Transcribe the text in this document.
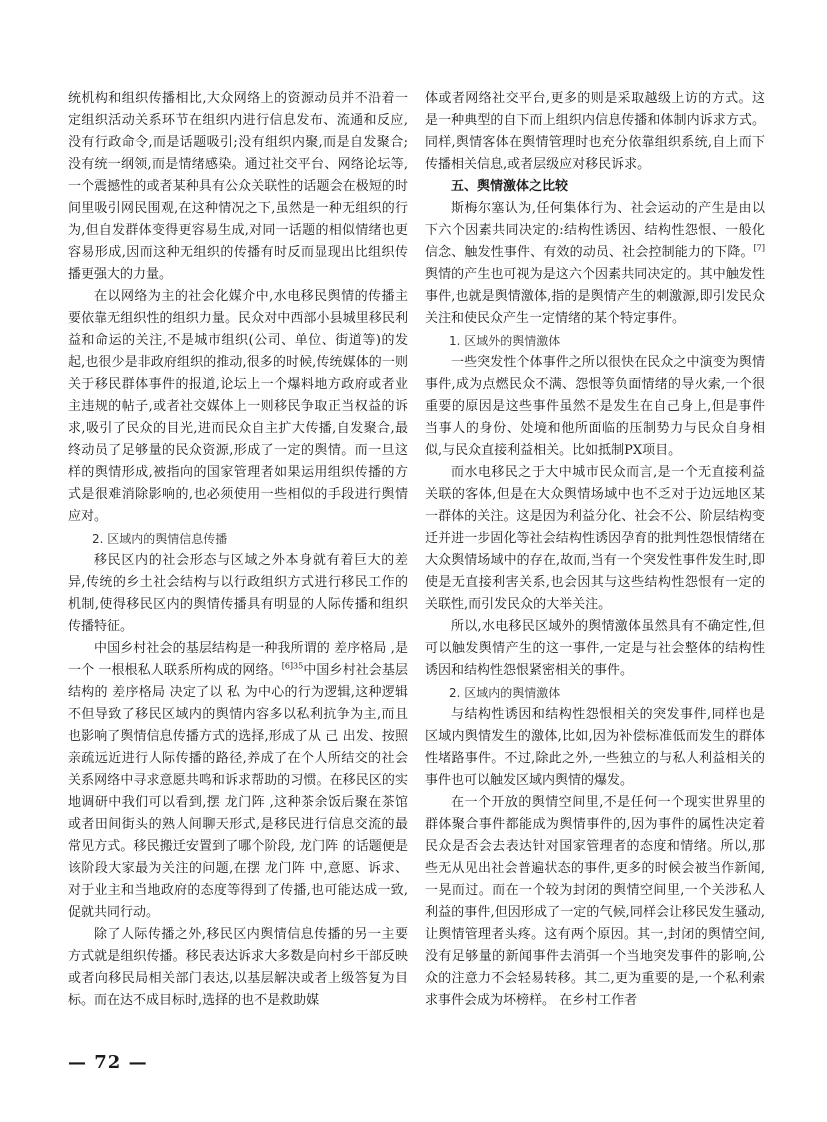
统机构和组织传播相比,大众网络上的资源动员并不沿着一定组织活动关系环节在组织内进行信息发布、流通和反应,没有行政命令,而是话题吸引;没有组织内聚,而是自发聚合;没有统一纲领,而是情绪感染。通过社交平台、网络论坛等,一个震撼性的或者某种具有公众关联性的话题会在极短的时间里吸引网民围观,在这种情况之下,虽然是一种无组织的行为,但自发群体变得更容易生成,对同一话题的相似情绪也更容易形成,因而这种无组织的传播有时反而显现出比组织传播更强大的力量。

在以网络为主的社会化媒介中,水电移民舆情的传播主要依靠无组织性的组织力量。民众对中西部小县城里移民利益和命运的关注,不是城市组织(公司、单位、街道等)的发起,也很少是非政府组织的推动,很多的时候,传统媒体的一则关于移民群体事件的报道,论坛上一个爆料地方政府或者业主违规的帖子,或者社交媒体上一则移民争取正当权益的诉求,吸引了民众的目光,进而民众自主扩大传播,自发聚合,最终动员了足够量的民众资源,形成了一定的舆情。而一旦这样的舆情形成,被指向的国家管理者如果运用组织传播的方式是很难消除影响的,也必须使用一些相似的手段进行舆情应对。

2. 区域内的舆情信息传播

移民区内的社会形态与区域之外本身就有着巨大的差异,传统的乡土社会结构与以行政组织方式进行移民工作的机制,使得移民区内的舆情传播具有明显的人际传播和组织传播特征。

中国乡村社会的基层结构是一种我所谓的 差序格局 ,是一个 一根根私人联系所构成的网络。$^{[6]35}$中国乡村社会基层结构的 差序格局 决定了以 私 为中心的行为逻辑,这种逻辑不但导致了移民区域内的舆情内容多以私利抗争为主,而且也影响了舆情信息传播方式的选择,形成了从 己 出发、按照亲疏远近进行人际传播的路径,养成了在个人所结交的社会关系网络中寻求意愿共鸣和诉求帮助的习惯。在移民区的实地调研中我们可以看到,摆 龙门阵 ,这种茶余饭后聚在茶馆或者田间街头的熟人间聊天形式,是移民进行信息交流的最常见方式。移民搬迁安置到了哪个阶段, 龙门阵 的话题便是该阶段大家最为关注的问题,在摆 龙门阵 中,意愿、诉求、对于业主和当地政府的态度等得到了传播,也可能达成一致,促就共同行动。

除了人际传播之外,移民区内舆情信息传播的另一主要方式就是组织传播。移民表达诉求大多数是向村乡干部反映或者向移民局相关部门表达,以基层解决或者上级答复为目标。而在达不成目标时,选择的也不是救助媒

体或者网络社交平台,更多的则是采取越级上访的方式。这是一种典型的自下而上组织内信息传播和体制内诉求方式。同样,舆情客体在舆情管理时也充分依靠组织系统,自上而下传播相关信息,或者层级应对移民诉求。

五、舆情激体之比较

斯梅尔塞认为,任何集体行为、社会运动的产生是由以下六个因素共同决定的:结构性诱因、结构性怨恨、一般化信念、触发性事件、有效的动员、社会控制能力的下降。[7]舆情的产生也可视为是这六个因素共同决定的。其中触发性事件,也就是舆情激体,指的是舆情产生的刺激源,即引发民众关注和使民众产生一定情绪的某个特定事件。

1. 区域外的舆情激体

一些突发性个体事件之所以很快在民众之中演变为舆情事件,成为点燃民众不满、怨恨等负面情绪的导火索,一个很重要的原因是这些事件虽然不是发生在自己身上,但是事件当事人的身份、处境和他所面临的压制势力与民众自身相似,与民众直接利益相关。比如抵制PX项目。

而水电移民之于大中城市民众而言,是一个无直接利益关联的客体,但是在大众舆情场域中也不乏对于边远地区某一群体的关注。这是因为利益分化、社会不公、阶层结构变迁并进一步固化等社会结构性诱因孕育的批判性怨恨情绪在大众舆情场域中的存在,故而,当有一个突发性事件发生时,即使是无直接利害关系,也会因其与这些结构性怨恨有一定的关联性,而引发民众的大举关注。

所以,水电移民区域外的舆情激体虽然具有不确定性,但可以触发舆情产生的这一事件,一定是与社会整体的结构性诱因和结构性怨恨紧密相关的事件。

2. 区域内的舆情激体

与结构性诱因和结构性怨恨相关的突发事件,同样也是区域内舆情发生的激体,比如,因为补偿标准低而发生的群体性堵路事件。不过,除此之外,一些独立的与私人利益相关的事件也可以触发区域内舆情的爆发。

在一个开放的舆情空间里,不是任何一个现实世界里的群体聚合事件都能成为舆情事件的,因为事件的属性决定着民众是否会去表达针对国家管理者的态度和情绪。所以,那些无从见出社会普遍状态的事件,更多的时候会被当作新闻,一晃而过。而在一个较为封闭的舆情空间里,一个关涉私人利益的事件,但因形成了一定的气候,同样会让移民发生骚动,让舆情管理者头疼。这有两个原因。其一,封闭的舆情空间,没有足够量的新闻事件去消弭一个当地突发事件的影响,公众的注意力不会轻易转移。其二,更为重要的是,一个私利索求事件会成为坏榜样。 在乡村工作者

— 72 —
